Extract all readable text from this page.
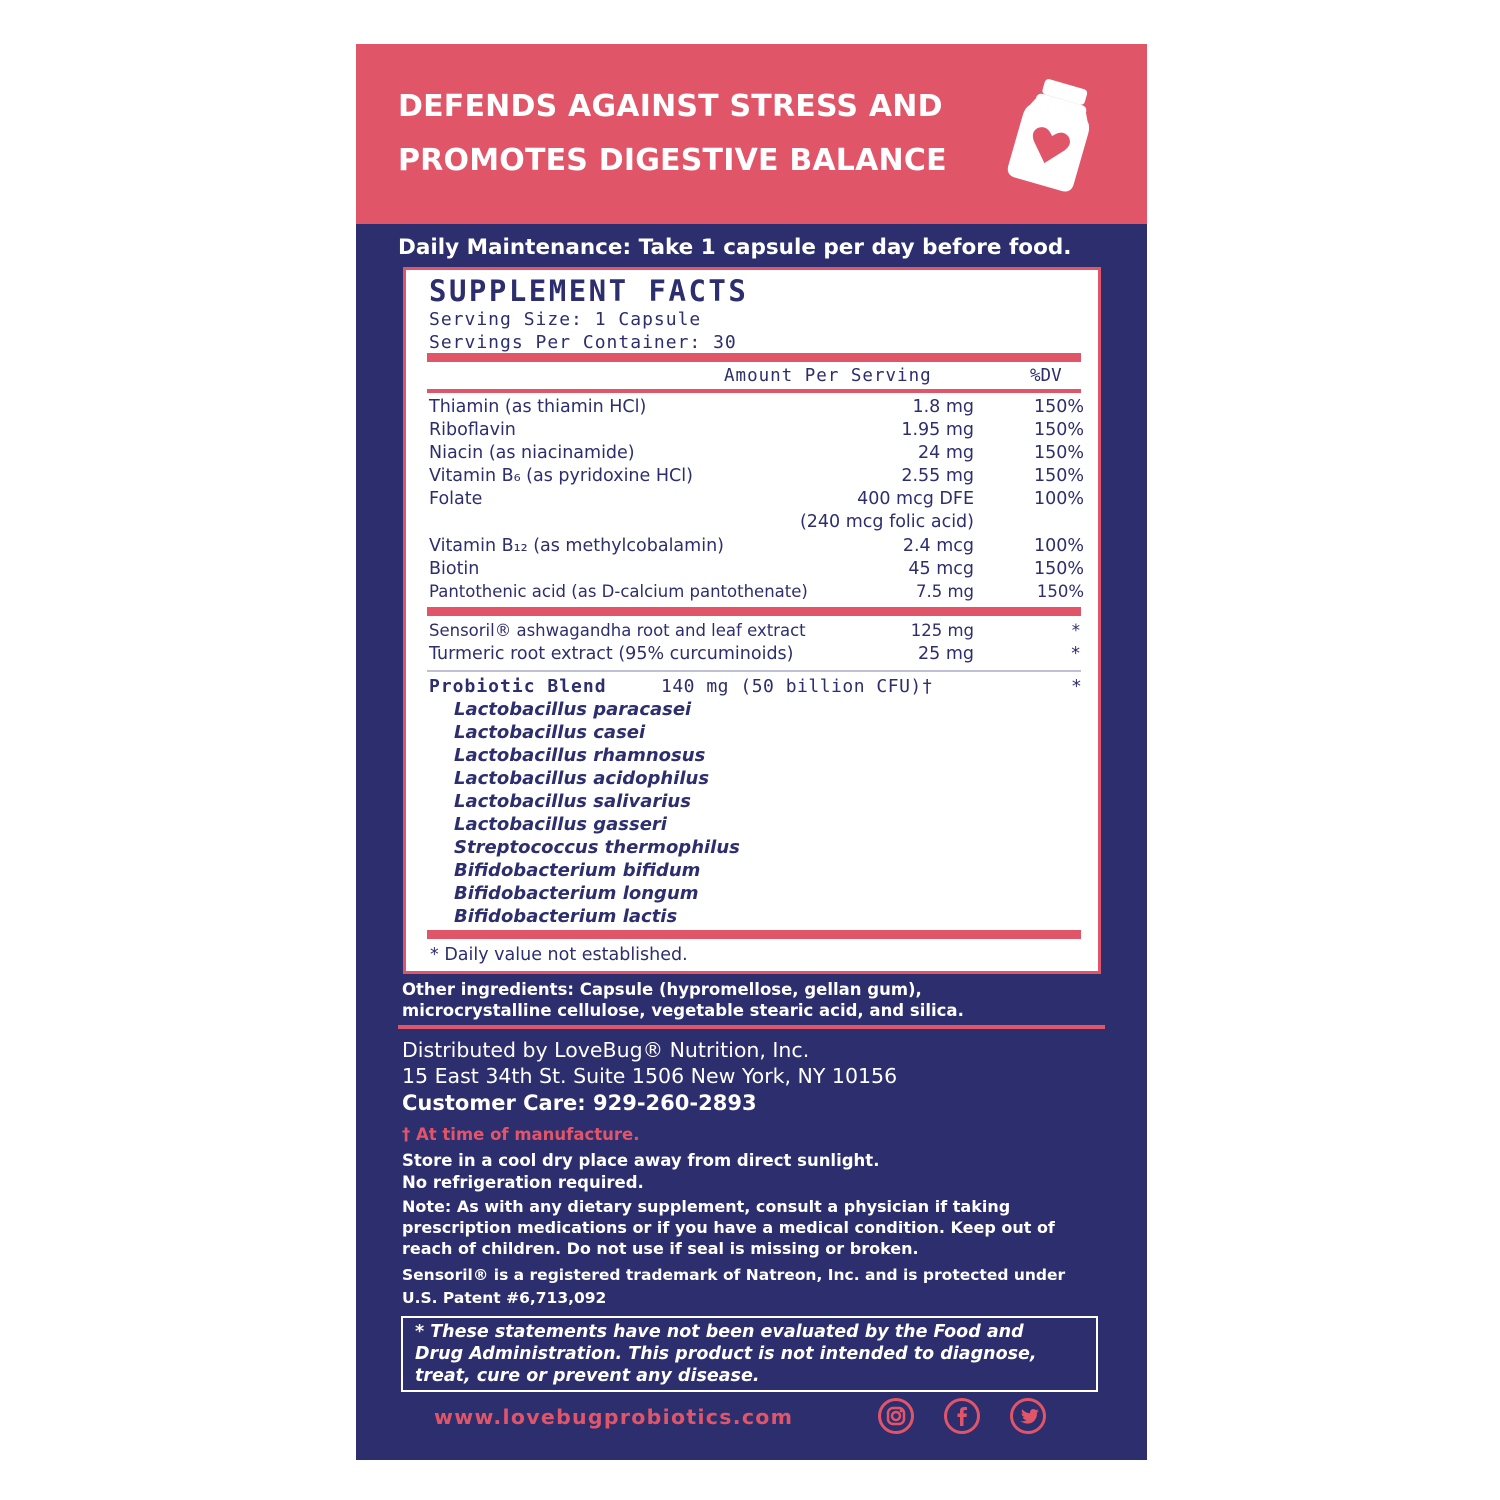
DEFENDS AGAINST STRESS AND
PROMOTES DIGESTIVE BALANCE
Daily Maintenance: Take 1 capsule per day before food.
SUPPLEMENT FACTS
Serving Size: 1 Capsule
Servings Per Container: 30
Amount Per Serving	%DV
Thiamin (as thiamin HCl)	1.8 mg	150%
Riboflavin	1.95 mg	150%
Niacin (as niacinamide)	24 mg	150%
Vitamin B₆ (as pyridoxine HCl)	2.55 mg	150%
Folate	400 mcg DFE	100%
(240 mcg folic acid)
Vitamin B₁₂ (as methylcobalamin)	2.4 mcg	100%
Biotin	45 mcg	150%
Pantothenic acid (as D-calcium pantothenate)	7.5 mg	150%
Sensoril® ashwagandha root and leaf extract	125 mg	*
Turmeric root extract (95% curcuminoids)	25 mg	*
Probiotic Blend	140 mg (50 billion CFU)†	*
Lactobacillus paracasei
Lactobacillus casei
Lactobacillus rhamnosus
Lactobacillus acidophilus
Lactobacillus salivarius
Lactobacillus gasseri
Streptococcus thermophilus
Bifidobacterium bifidum
Bifidobacterium longum
Bifidobacterium lactis
* Daily value not established.
Other ingredients: Capsule (hypromellose, gellan gum),
microcrystalline cellulose, vegetable stearic acid, and silica.
Distributed by LoveBug® Nutrition, Inc.
15 East 34th St. Suite 1506 New York, NY 10156
Customer Care: 929-260-2893
† At time of manufacture.
Store in a cool dry place away from direct sunlight.
No refrigeration required.
Note: As with any dietary supplement, consult a physician if taking
prescription medications or if you have a medical condition. Keep out of
reach of children. Do not use if seal is missing or broken.
Sensoril® is a registered trademark of Natreon, Inc. and is protected under
U.S. Patent #6,713,092
* These statements have not been evaluated by the Food and
Drug Administration. This product is not intended to diagnose,
treat, cure or prevent any disease.
www.lovebugprobiotics.com
